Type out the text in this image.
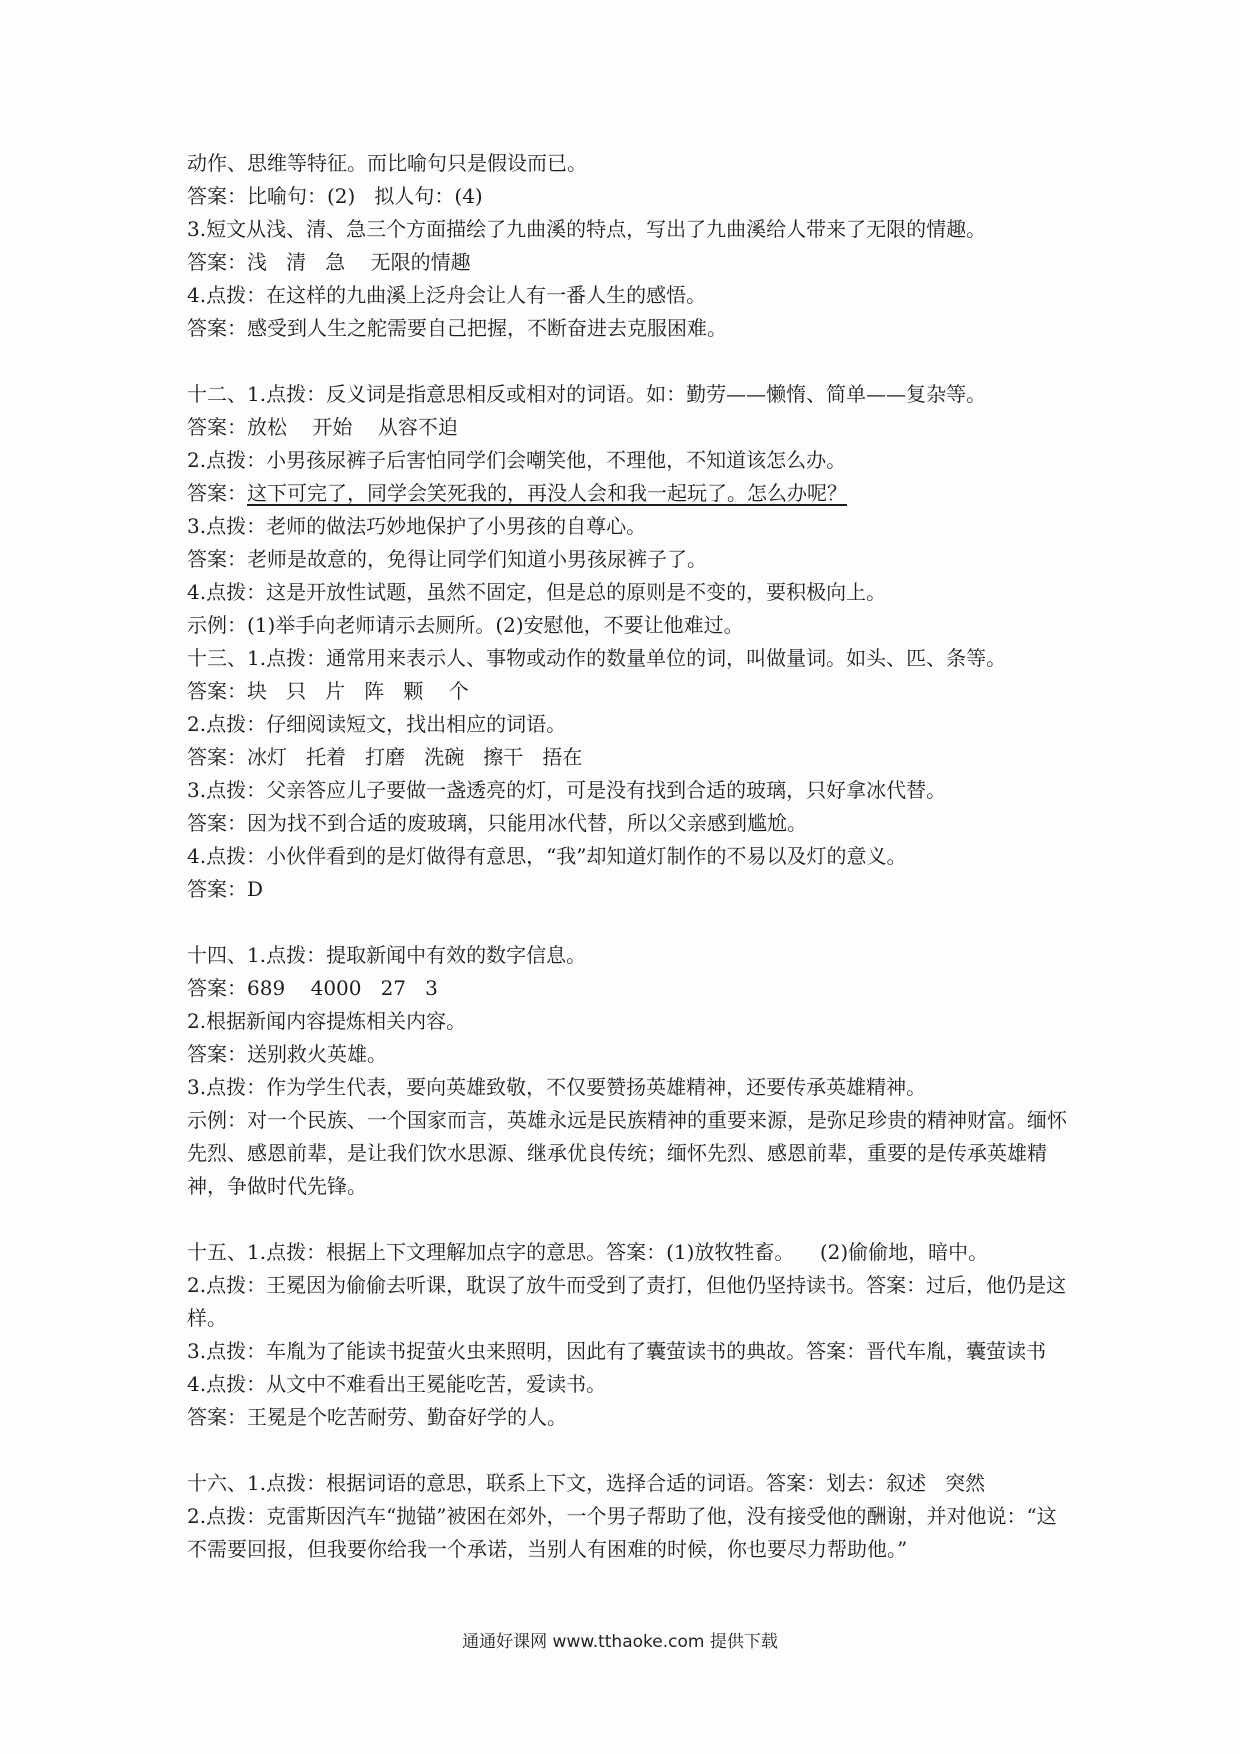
动作、思维等特征。而比喻句只是假设而已。
答案：比喻句：(2)   拟人句：(4)
3.短文从浅、清、急三个方面描绘了九曲溪的特点，写出了九曲溪给人带来了无限的情趣。
答案：浅   清   急    无限的情趣
4.点拨：在这样的九曲溪上泛舟会让人有一番人生的感悟。
答案：感受到人生之舵需要自己把握，不断奋进去克服困难。
十二、1.点拨：反义词是指意思相反或相对的词语。如：勤劳——懒惰、简单——复杂等。
答案：放松    开始    从容不迫
2.点拨：小男孩尿裤子后害怕同学们会嘲笑他，不理他，不知道该怎么办。
答案：这下可完了，同学会笑死我的，再没人会和我一起玩了。怎么办呢？
3.点拨：老师的做法巧妙地保护了小男孩的自尊心。
答案：老师是故意的，免得让同学们知道小男孩尿裤子了。
4.点拨：这是开放性试题，虽然不固定，但是总的原则是不变的，要积极向上。
示例：(1)举手向老师请示去厕所。(2)安慰他，不要让他难过。
十三、1.点拨：通常用来表示人、事物或动作的数量单位的词，叫做量词。如头、匹、条等。
答案：块   只   片   阵   颗    个
2.点拨：仔细阅读短文，找出相应的词语。
答案：冰灯   托着   打磨   洗碗   擦干   捂在
3.点拨：父亲答应儿子要做一盏透亮的灯，可是没有找到合适的玻璃，只好拿冰代替。
答案：因为找不到合适的废玻璃，只能用冰代替，所以父亲感到尴尬。
4.点拨：小伙伴看到的是灯做得有意思，“我”却知道灯制作的不易以及灯的意义。
答案：D
十四、1.点拨：提取新闻中有效的数字信息。
答案：689    4000   27   3
2.根据新闻内容提炼相关内容。
答案：送别救火英雄。
3.点拨：作为学生代表，要向英雄致敬，不仅要赞扬英雄精神，还要传承英雄精神。
示例：对一个民族、一个国家而言，英雄永远是民族精神的重要来源，是弥足珍贵的精神财富。缅怀先烈、感恩前辈，是让我们饮水思源、继承优良传统；缅怀先烈、感恩前辈，重要的是传承英雄精神，争做时代先锋。
十五、1.点拨：根据上下文理解加点字的意思。答案：(1)放牧牲畜。    (2)偷偷地，暗中。
2.点拨：王冕因为偷偷去听课，耽误了放牛而受到了责打，但他仍坚持读书。答案：过后，他仍是这样。
3.点拨：车胤为了能读书捉萤火虫来照明，因此有了囊萤读书的典故。答案：晋代车胤，囊萤读书
4.点拨：从文中不难看出王冕能吃苦，爱读书。
答案：王冕是个吃苦耐劳、勤奋好学的人。
十六、1.点拨：根据词语的意思，联系上下文，选择合适的词语。答案：划去：叙述   突然
2.点拨：克雷斯因汽车“抛锚”被困在郊外，一个男子帮助了他，没有接受他的酬谢，并对他说：“这不需要回报，但我要你给我一个承诺，当别人有困难的时候，你也要尽力帮助他。”
通通好课网 www.tthaoke.com 提供下载
